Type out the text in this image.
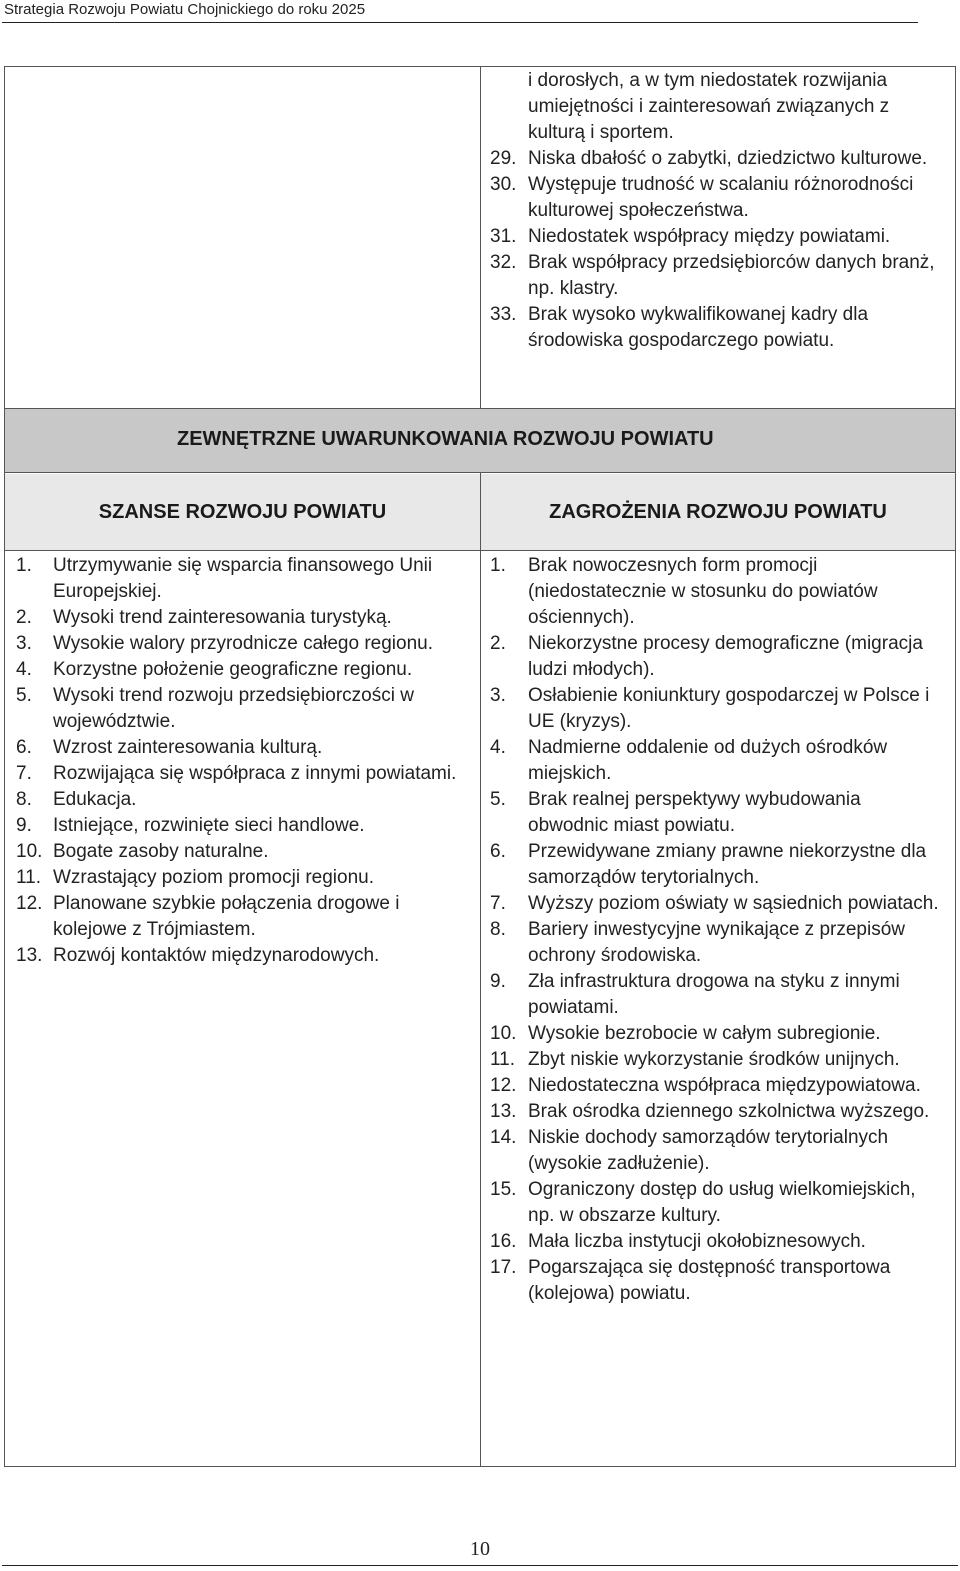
Strategia Rozwoju Powiatu Chojnickiego do roku 2025
i dorosłych, a w tym niedostatek rozwijania umiejętności i zainteresowań związanych z kulturą i sportem.
29. Niska dbałość o zabytki, dziedzictwo kulturowe.
30. Występuje trudność w scalaniu różnorodności kulturowej społeczeństwa.
31. Niedostatek współpracy między powiatami.
32. Brak współpracy przedsiębiorców danych branż, np. klastry.
33. Brak wysoko wykwalifikowanej kadry dla środowiska gospodarczego powiatu.
ZEWNĘTRZNE UWARUNKOWANIA ROZWOJU POWIATU
SZANSE ROZWOJU POWIATU	ZAGROŻENIA ROZWOJU POWIATU
1.	Utrzymywanie się wsparcia finansowego Unii Europejskiej.
2.	Wysoki trend zainteresowania turystyką.
3.	Wysokie walory przyrodnicze całego regionu.
4.	Korzystne położenie geograficzne regionu.
5.	Wysoki trend rozwoju przedsiębiorczości w województwie.
6.	Wzrost zainteresowania kulturą.
7.	Rozwijająca się współpraca z innymi powiatami.
8.	Edukacja.
9.	Istniejące, rozwinięte sieci handlowe.
10. Bogate zasoby naturalne.
11. Wzrastający poziom promocji regionu.
12. Planowane szybkie połączenia drogowe i kolejowe z Trójmiastem.
13. Rozwój kontaktów międzynarodowych.
1.	Brak nowoczesnych form promocji (niedostatecznie w stosunku do powiatów ościennych).
2.	Niekorzystne procesy demograficzne (migracja ludzi młodych).
3.	Osłabienie koniunktury gospodarczej w Polsce i UE (kryzys).
4.	Nadmierne oddalenie od dużych ośrodków miejskich.
5.	Brak realnej perspektywy wybudowania obwodnic miast powiatu.
6.	Przewidywane zmiany prawne niekorzystne dla samorządów terytorialnych.
7.	Wyższy poziom oświaty w sąsiednich powiatach.
8.	Bariery inwestycyjne wynikające z przepisów ochrony środowiska.
9.	Zła infrastruktura drogowa na styku z innymi powiatami.
10. Wysokie bezrobocie w całym subregionie.
11. Zbyt niskie wykorzystanie środków unijnych.
12. Niedostateczna współpraca międzypowiatowa.
13. Brak ośrodka dziennego szkolnictwa wyższego.
14. Niskie dochody samorządów terytorialnych (wysokie zadłużenie).
15. Ograniczony dostęp do usług wielkomiejskich, np. w obszarze kultury.
16. Mała liczba instytucji okołobiznesowych.
17. Pogarszająca się dostępność transportowa (kolejowa) powiatu.
10
